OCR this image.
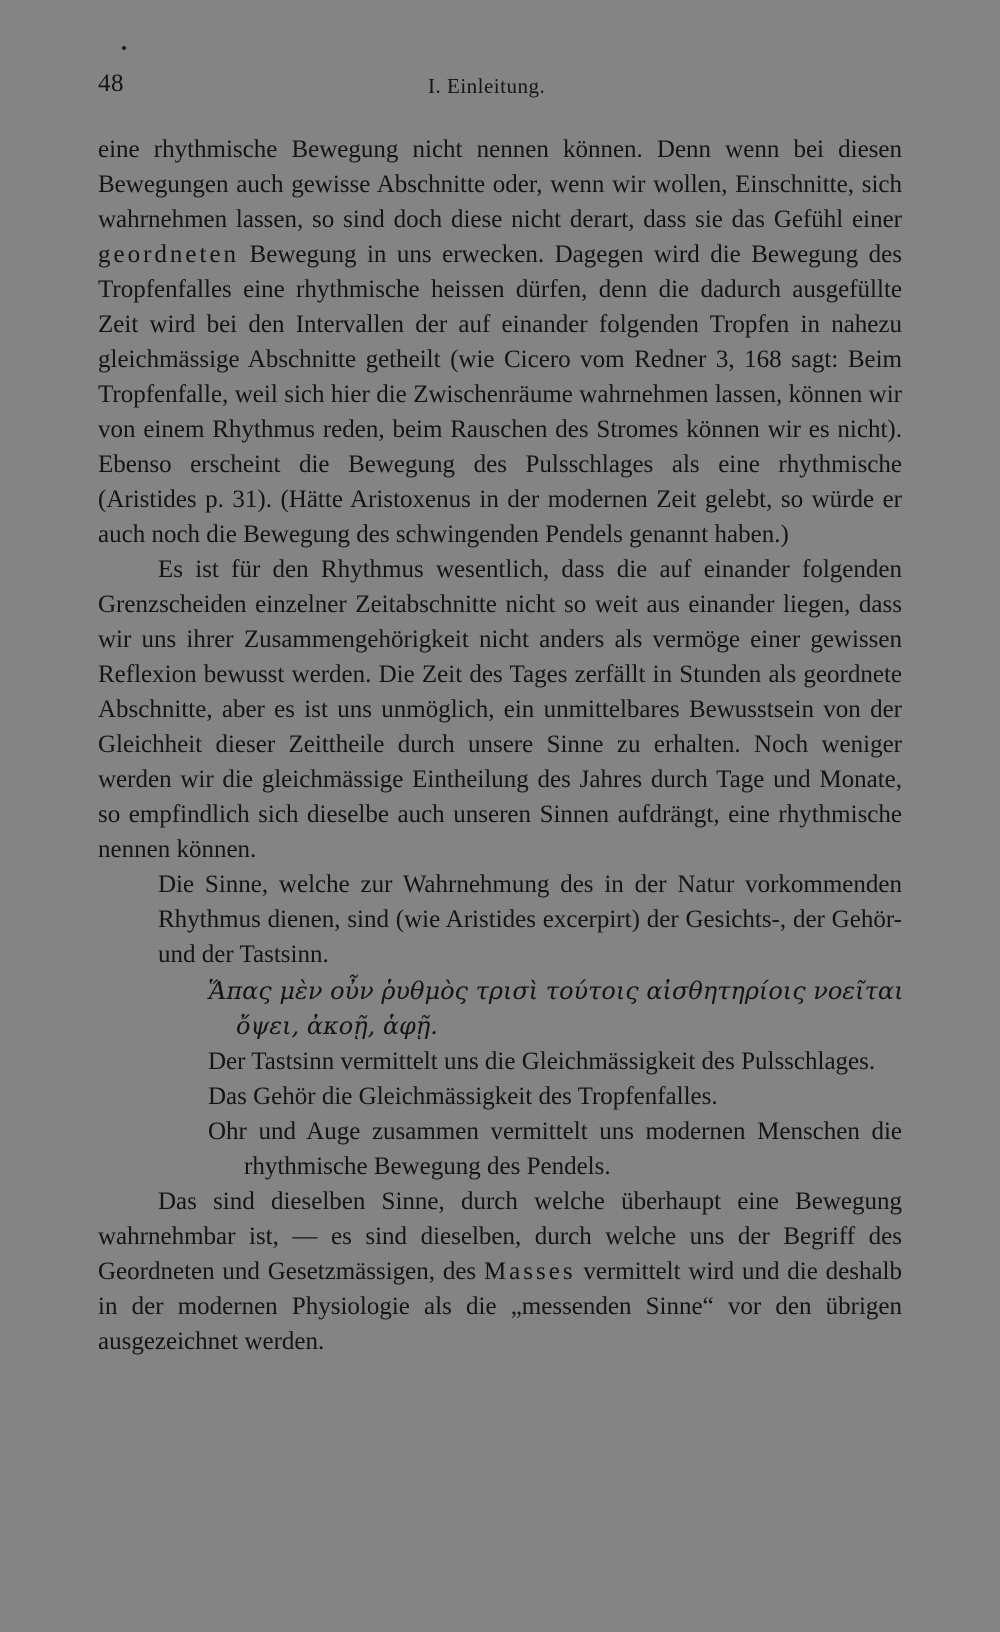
48	I. Einleitung.

eine rhythmische Bewegung nicht nennen können. Denn wenn bei diesen Bewegungen auch gewisse Abschnitte oder, wenn wir wollen, Einschnitte, sich wahrnehmen lassen, so sind doch diese nicht derart, dass sie das Gefühl einer geordneten Bewegung in uns erwecken. Dagegen wird die Bewegung des Tropfenfalles eine rhythmische heissen dürfen, denn die dadurch ausgefüllte Zeit wird bei den Intervallen der auf einander folgenden Tropfen in nahezu gleichmässige Abschnitte getheilt (wie Cicero vom Redner 3, 168 sagt: Beim Tropfenfalle, weil sich hier die Zwischenräume wahrnehmen lassen, können wir von einem Rhythmus reden, beim Rauschen des Stromes können wir es nicht). Ebenso erscheint die Bewegung des Pulsschlages als eine rhythmische (Aristides p. 31). (Hätte Aristoxenus in der modernen Zeit gelebt, so würde er auch noch die Bewegung des schwingenden Pendels genannt haben.)

Es ist für den Rhythmus wesentlich, dass die auf einander folgenden Grenzscheiden einzelner Zeitabschnitte nicht so weit aus einander liegen, dass wir uns ihrer Zusammengehörigkeit nicht anders als vermöge einer gewissen Reflexion bewusst werden. Die Zeit des Tages zerfällt in Stunden als geordnete Abschnitte, aber es ist uns unmöglich, ein unmittelbares Bewusstsein von der Gleichheit dieser Zeittheile durch unsere Sinne zu erhalten. Noch weniger werden wir die gleichmässige Eintheilung des Jahres durch Tage und Monate, so empfindlich sich dieselbe auch unseren Sinnen aufdrängt, eine rhythmische nennen können.

Die Sinne, welche zur Wahrnehmung des in der Natur vorkommenden Rhythmus dienen, sind (wie Aristides excerpirt) der Gesichts-, der Gehör- und der Tastsinn.

Ἅπας μὲν οὖν ῥυθμὸς τρισὶ τούτοις αἰσθητηρίοις νοεῖται
ὄψει, ἀκοῇ, ἁφῇ.
Der Tastsinn vermittelt uns die Gleichmässigkeit des Pulsschlages.
Das Gehör die Gleichmässigkeit des Tropfenfalles.
Ohr und Auge zusammen vermittelt uns modernen Menschen die rhythmische Bewegung des Pendels.

Das sind dieselben Sinne, durch welche überhaupt eine Bewegung wahrnehmbar ist, — es sind dieselben, durch welche uns der Begriff des Geordneten und Gesetzmässigen, des Masses vermittelt wird und die deshalb in der modernen Physiologie als die „messenden Sinne“ vor den übrigen ausgezeichnet werden.
